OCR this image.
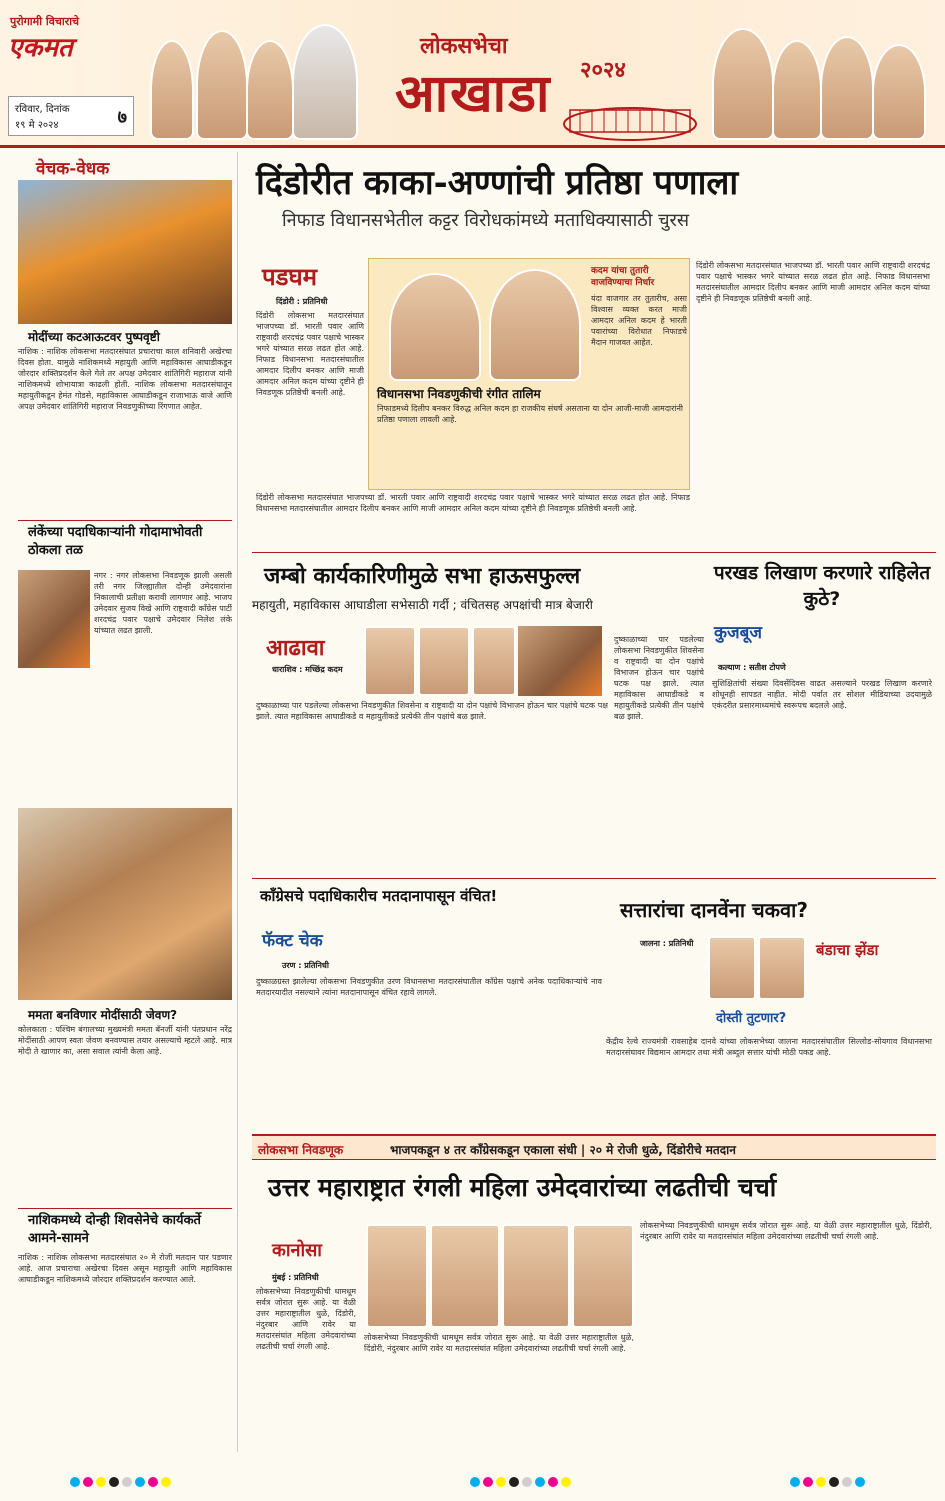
पुरोगामी विचाराचे
एकमत
रविवार, दिनांक
१९ मे २०२४	७
लोकसभेचा
आखाडा २०२४
वेचक-वेधक
मोदींच्या कटआऊटवर पुष्पवृष्टी
नाशिक : नाशिक लोकसभा मतदारसंघात प्रचाराचा काल शनिवारी अखेरचा दिवस होता. यामुळे नाशिकमध्ये महायुती आणि महाविकास आघाडीकडून जोरदार शक्तिप्रदर्शन केले गेले तर अपक्ष उमेदवार शांतिगिरी महाराज यांनी नाशिकमध्ये शोभायात्रा काढली होती. नाशिक लोकसभा मतदारसंघातून महायुतीकडून हेमंत गोडसे, महाविकास आघाडीकडून राजाभाऊ वाजे आणि अपक्ष उमेदवार शांतिगिरी महाराज निवडणुकीच्या रिंगणात आहेत.
लंकेंच्या पदाधिकाऱ्यांनी गोदामाभोवती ठोकला तळ
नगर : नगर लोकसभा निवडणूक झाली असली तरी नगर जिल्ह्यातील दोन्ही उमेदवारांना निकालाची प्रतीक्षा करावी लागणार आहे. भाजप उमेदवार सुजय विखे आणि राष्ट्रवादी काँग्रेस पार्टी शरदचंद्र पवार पक्षाचे उमेदवार निलेश लंके यांच्यात लढत झाली.
ममता बनविणार मोदींसाठी जेवण?
कोलकाता : पश्चिम बंगालच्या मुख्यमंत्री ममता बॅनर्जी यांनी पंतप्रधान नरेंद्र मोदींसाठी आपण स्वतः जेवण बनवण्यास तयार असल्याचे म्हटले आहे. मात्र मोदी ते खाणार का, असा सवाल त्यांनी केला आहे.
नाशिकमध्ये दोन्ही शिवसेनेचे कार्यकर्ते आमने-सामने
नाशिक : नाशिक लोकसभा मतदारसंघात २० मे रोजी मतदान पार पडणार आहे. आज प्रचाराचा अखेरचा दिवस असून महायुती आणि महाविकास आघाडीकडून नाशिकमध्ये जोरदार शक्तिप्रदर्शन करण्यात आले.
दिंडोरीत काका-अण्णांची प्रतिष्ठा पणाला
निफाड विधानसभेतील कट्टर विरोधकांमध्ये मताधिक्यासाठी चुरस
पडघम
दिंडोरी : प्रतिनिधी
दिंडोरी लोकसभा मतदारसंघात भाजपच्या डॉ. भारती पवार आणि राष्ट्रवादी शरदचंद्र पवार पक्षाचे भास्कर भगरे यांच्यात सरळ लढत होत आहे. निफाड विधानसभा मतदारसंघातील आमदार दिलीप बनकर आणि माजी आमदार अनिल कदम यांच्या दृष्टीने ही निवडणूक प्रतिष्ठेची बनली आहे.
कदम यांचा तुतारी वाजविण्याचा निर्धार
यंदा वाजगार तर तुतारीच, असा विश्वास व्यक्त करत माजी आमदार अनिल कदम हे भारती पवारांच्या विरोधात निफाडचे मैदान गाजवत आहेत.
विधानसभा निवडणुकीची रंगीत तालिम
निफाडमध्ये दिलीप बनकर विरुद्ध अनिल कदम हा राजकीय संघर्ष असताना या दोन आजी-माजी आमदारांनी प्रतिष्ठा पणाला लावली आहे.
दिंडोरी लोकसभा मतदारसंघात भाजपच्या डॉ. भारती पवार आणि राष्ट्रवादी शरदचंद्र पवार पक्षाचे भास्कर भगरे यांच्यात सरळ लढत होत आहे. निफाड विधानसभा मतदारसंघातील आमदार दिलीप बनकर आणि माजी आमदार अनिल कदम यांच्या दृष्टीने ही निवडणूक प्रतिष्ठेची बनली आहे.
दिंडोरी लोकसभा मतदारसंघात भाजपच्या डॉ. भारती पवार आणि राष्ट्रवादी शरदचंद्र पवार पक्षाचे भास्कर भगरे यांच्यात सरळ लढत होत आहे. निफाड विधानसभा मतदारसंघातील आमदार दिलीप बनकर आणि माजी आमदार अनिल कदम यांच्या दृष्टीने ही निवडणूक प्रतिष्ठेची बनली आहे.
जम्बो कार्यकारिणीमुळे सभा हाऊसफुल्ल
महायुती, महाविकास आघाडीला सभेसाठी गर्दी ; वंचितसह अपक्षांची मात्र बेजारी
आढावा
धाराशिव : मच्छिंद्र कदम
दुष्काळाच्या पार पडलेल्या लोकसभा निवडणुकीत शिवसेना व राष्ट्रवादी या दोन पक्षांचे विभाजन होऊन चार पक्षांचे घटक पक्ष झाले. त्यात महाविकास आघाडीकडे व महायुतीकडे प्रत्येकी तीन पक्षांचे बळ झाले.
दुष्काळाच्या पार पडलेल्या लोकसभा निवडणुकीत शिवसेना व राष्ट्रवादी या दोन पक्षांचे विभाजन होऊन चार पक्षांचे घटक पक्ष झाले. त्यात महाविकास आघाडीकडे व महायुतीकडे प्रत्येकी तीन पक्षांचे बळ झाले.
परखड लिखाण करणारे राहिलेत कुठे?
कुजबूज
कल्याण : सतीश टोपणे
सुशिक्षितांची संख्या दिवसेंदिवस वाढत असल्याने परखड लिखाण करणारे शोधूनही सापडत नाहीत. मोदी पर्वात तर सोशल मीडियाच्या उदयामुळे एकंदरीत प्रसारमाध्यमांचे स्वरूपच बदलले आहे.
काँग्रेसचे पदाधिकारीच मतदानापासून वंचित!
फॅक्ट चेक
उरण : प्रतिनिधी
दुष्काळग्रस्त झालेल्या लोकसभा निवडणुकीत उरण विधानसभा मतदारसंघातील काँग्रेस पक्षाचे अनेक पदाधिकाऱ्यांचे नाव मतदारयादीत नसल्याने त्यांना मतदानापासून वंचित रहावे लागले.
सत्तारांचा दानवेंना चकवा?
जालना : प्रतिनिधी
दोस्ती तुटणार?
बंडाचा झेंडा
केंद्रीय रेल्वे राज्यमंत्री रावसाहेब दानवे यांच्या लोकसभेच्या जालना मतदारसंघातील सिल्लोड-सोयगाव विधानसभा मतदारसंघावर विद्यमान आमदार तथा मंत्री अब्दुल सत्तार यांची मोठी पकड आहे.
लोकसभा निवडणूक	भाजपकडून ४ तर काँग्रेसकडून एकाला संधी | २० मे रोजी धुळे, दिंडोरीचे मतदान
उत्तर महाराष्ट्रात रंगली महिला उमेदवारांच्या लढतीची चर्चा
कानोसा
मुंबई : प्रतिनिधी
लोकसभेच्या निवडणुकीची धामधूम सर्वत्र जोरात सुरू आहे. या वेळी उत्तर महाराष्ट्रातील धुळे, दिंडोरी, नंदुरबार आणि रावेर या मतदारसंघांत महिला उमेदवारांच्या लढतीची चर्चा रंगली आहे.
लोकसभेच्या निवडणुकीची धामधूम सर्वत्र जोरात सुरू आहे. या वेळी उत्तर महाराष्ट्रातील धुळे, दिंडोरी, नंदुरबार आणि रावेर या मतदारसंघांत महिला उमेदवारांच्या लढतीची चर्चा रंगली आहे.
लोकसभेच्या निवडणुकीची धामधूम सर्वत्र जोरात सुरू आहे. या वेळी उत्तर महाराष्ट्रातील धुळे, दिंडोरी, नंदुरबार आणि रावेर या मतदारसंघांत महिला उमेदवारांच्या लढतीची चर्चा रंगली आहे.
